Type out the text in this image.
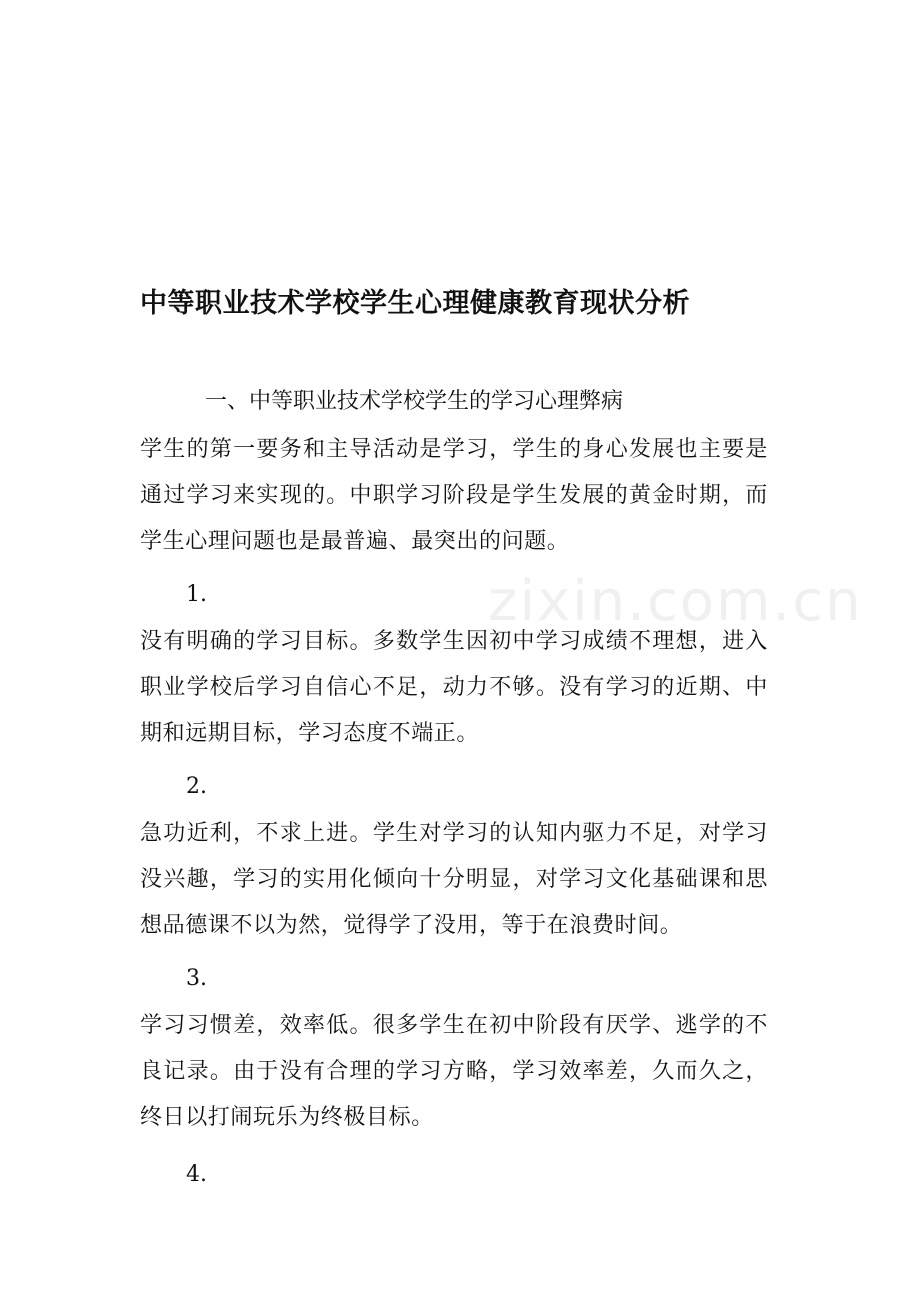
zixin.com.cn
中等职业技术学校学生心理健康教育现状分析

一、中等职业技术学校学生的学习心理弊病

学生的第一要务和主导活动是学习，学生的身心发展也主要是通过学习来实现的。中职学习阶段是学生发展的黄金时期，而学生心理问题也是最普遍、最突出的问题。

1.

没有明确的学习目标。多数学生因初中学习成绩不理想，进入职业学校后学习自信心不足，动力不够。没有学习的近期、中期和远期目标，学习态度不端正。

2.

急功近利，不求上进。学生对学习的认知内驱力不足，对学习没兴趣，学习的实用化倾向十分明显，对学习文化基础课和思想品德课不以为然，觉得学了没用，等于在浪费时间。

3.

学习习惯差，效率低。很多学生在初中阶段有厌学、逃学的不良记录。由于没有合理的学习方略，学习效率差，久而久之，终日以打闹玩乐为终极目标。

4.
